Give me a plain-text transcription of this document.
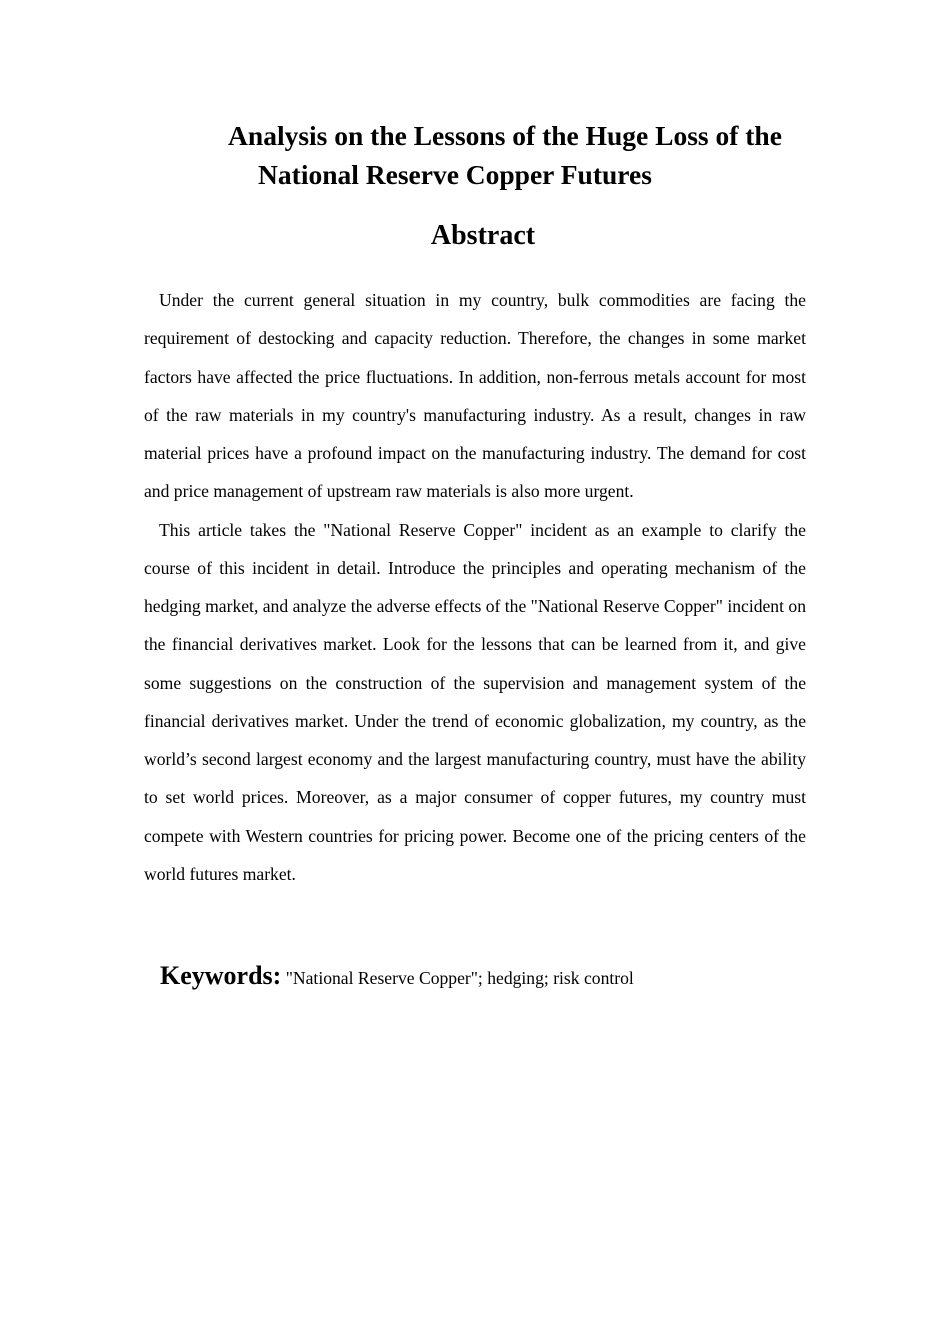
Analysis on the Lessons of the Huge Loss of the
National Reserve Copper Futures
Abstract

Under the current general situation in my country, bulk commodities are facing the requirement of destocking and capacity reduction. Therefore, the changes in some market factors have affected the price fluctuations. In addition, non-ferrous metals account for most of the raw materials in my country's manufacturing industry. As a result, changes in raw material prices have a profound impact on the manufacturing industry. The demand for cost and price management of upstream raw materials is also more urgent.

This article takes the "National Reserve Copper" incident as an example to clarify the course of this incident in detail. Introduce the principles and operating mechanism of the hedging market, and analyze the adverse effects of the "National Reserve Copper" incident on the financial derivatives market. Look for the lessons that can be learned from it, and give some suggestions on the construction of the supervision and management system of the financial derivatives market. Under the trend of economic globalization, my country, as the world’s second largest economy and the largest manufacturing country, must have the ability to set world prices. Moreover, as a major consumer of copper futures, my country must compete with Western countries for pricing power. Become one of the pricing centers of the world futures market.

Keywords: "National Reserve Copper"; hedging; risk control
